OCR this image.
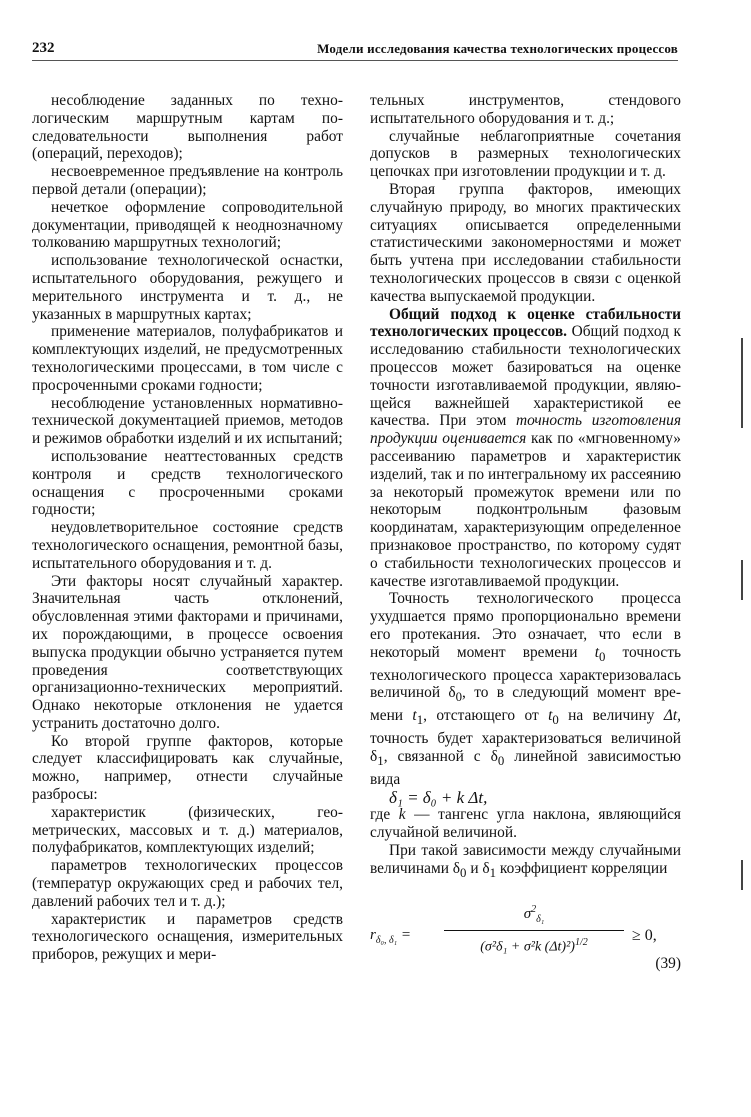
232	Модели исследования качества технологических процессов

несоблюдение заданных по технологическим маршрутным картам последовательности выполнения работ (операций, переходов);

несвоевременное предъявление на контроль первой детали (операции);

нечеткое оформление сопроводительной документации, приводящей к неоднозначному толкованию маршрутных технологий;

использование технологической оснастки, испытательного оборудования, режущего и мерительного инструмента и т. д., не указанных в маршрутных картах;

применение материалов, полуфабрикатов и комплектующих изделий, не предусмотренных технологическими процессами, в том числе с просроченными сроками годности;

несоблюдение установленных нормативно-технической документацией приемов, методов и режимов обработки изделий и их испытаний;

использование неаттестованных средств контроля и средств технологического оснащения с просроченными сроками годности;

неудовлетворительное состояние средств технологического оснащения, ремонтной базы, испытательного оборудования и т. д.

Эти факторы носят случайный характер. Значительная часть отклонений, обусловленная этими факторами и причинами, их порождающими, в процессе освоения выпуска продукции обычно устраняется путем проведения соответствующих организационно-технических мероприятий. Однако некоторые отклонения не удается устранить достаточно долго.

Ко второй группе факторов, которые следует классифицировать как случайные, можно, например, отнести случайные разбросы:

характеристик (физических, геометрических, массовых и т. д.) материалов, полуфабрикатов, комплектующих изделий;

параметров технологических процессов (температур окружающих сред и рабочих тел, давлений рабочих тел и т. д.);

характеристик и параметров средств технологического оснащения, измерительных приборов, режущих и мери-

тельных инструментов, стендового испытательного оборудования и т. д.;

случайные неблагоприятные сочетания допусков в размерных технологических цепочках при изготовлении продукции и т. д.

Вторая группа факторов, имеющих случайную природу, во многих практических ситуациях описывается определенными статистическими закономерностями и может быть учтена при исследовании стабильности технологических процессов в связи с оценкой качества выпускаемой продукции.

Общий подход к оценке стабильности технологических процессов. Общий подход к исследованию стабильности технологических процессов может базироваться на оценке точности изготавливаемой продукции, являющейся важнейшей характеристикой ее качества. При этом точность изготовления продукции оценивается как по «мгновенному» рассеиванию параметров и характеристик изделий, так и по интегральному их рассеянию за некоторый промежуток времени или по некоторым подконтрольным фазовым координатам, характеризующим определенное признаковое пространство, по которому судят о стабильности технологических процессов и качестве изготавливаемой продукции.

Точность технологического процесса ухудшается прямо пропорционально времени его протекания. Это означает, что если в некоторый момент времени $t_0$ точность технологического процесса характеризовалась величиной $\delta_0$, то в следующий момент времени $t_1$, отстающего от $t_0$ на величину Δt, точность будет характеризоваться величиной $\delta_1$, связанной с $\delta_0$ линейной зависимостью вида

δ₁ = δ₀ + k Δt,

где k — тангенс угла наклона, являющийся случайной величиной.

При такой зависимости между случайными величинами $\delta_0$ и $\delta_1$ коэффициент корреляции

$r_{\delta_0, \delta_1} = \frac{\sigma^2_{\delta_1}}{(\sigma^2\delta_1 + \sigma^2k (\Delta t)^2)^{1/2}} \ge 0$,
(39)
